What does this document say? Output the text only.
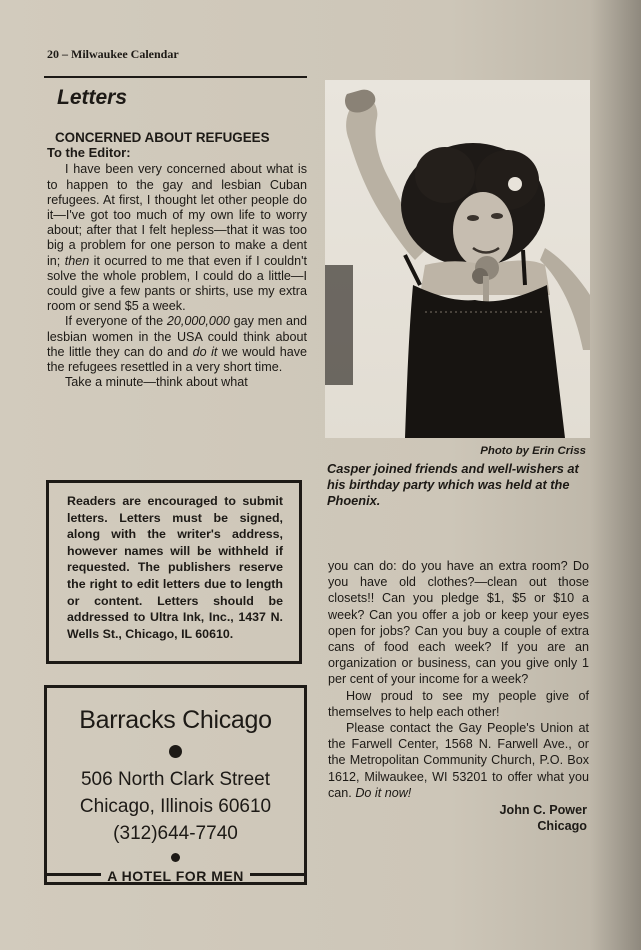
20 – Milwaukee Calendar
Letters
CONCERNED ABOUT REFUGEES
To the Editor:

I have been very concerned about what is to happen to the gay and lesbian Cuban refugees. At first, I thought let other people do it—I've got too much of my own life to worry about; after that I felt hepless—that it was too big a problem for one person to make a dent in; then it ocurred to me that even if I couldn't solve the whole problem, I could do a little—I could give a few pants or shirts, use my extra room or send $5 a week.

If everyone of the 20,000,000 gay men and lesbian women in the USA could think about the little they can do and do it we would have the refugees resettled in a very short time.

Take a minute—think about what

Readers are encouraged to submit letters. Letters must be signed, along with the writer's address, however names will be withheld if requested. The publishers reserve the right to edit letters due to length or content. Letters should be addressed to Ultra Ink, Inc., 1437 N. Wells St., Chicago, IL 60610.
Barracks Chicago
506 North Clark Street
Chicago, Illinois 60610
(312)644-7740
A HOTEL FOR MEN
Photo by Erin Criss
Casper joined friends and well-wishers at his birthday party which was held at the Phoenix.

you can do: do you have an extra room? Do you have old clothes?—clean out those closets!! Can you pledge $1, $5 or $10 a week? Can you offer a job or keep your eyes open for jobs? Can you buy a couple of extra cans of food each week? If you are an organization or business, can you give only 1 per cent of your income for a week?

How proud to see my people give of themselves to help each other!

Please contact the Gay People's Union at the Farwell Center, 1568 N. Farwell Ave., or the Metropolitan Community Church, P.O. Box 1612, Milwaukee, WI 53201 to offer what you can. Do it now!

John C. Power
Chicago
